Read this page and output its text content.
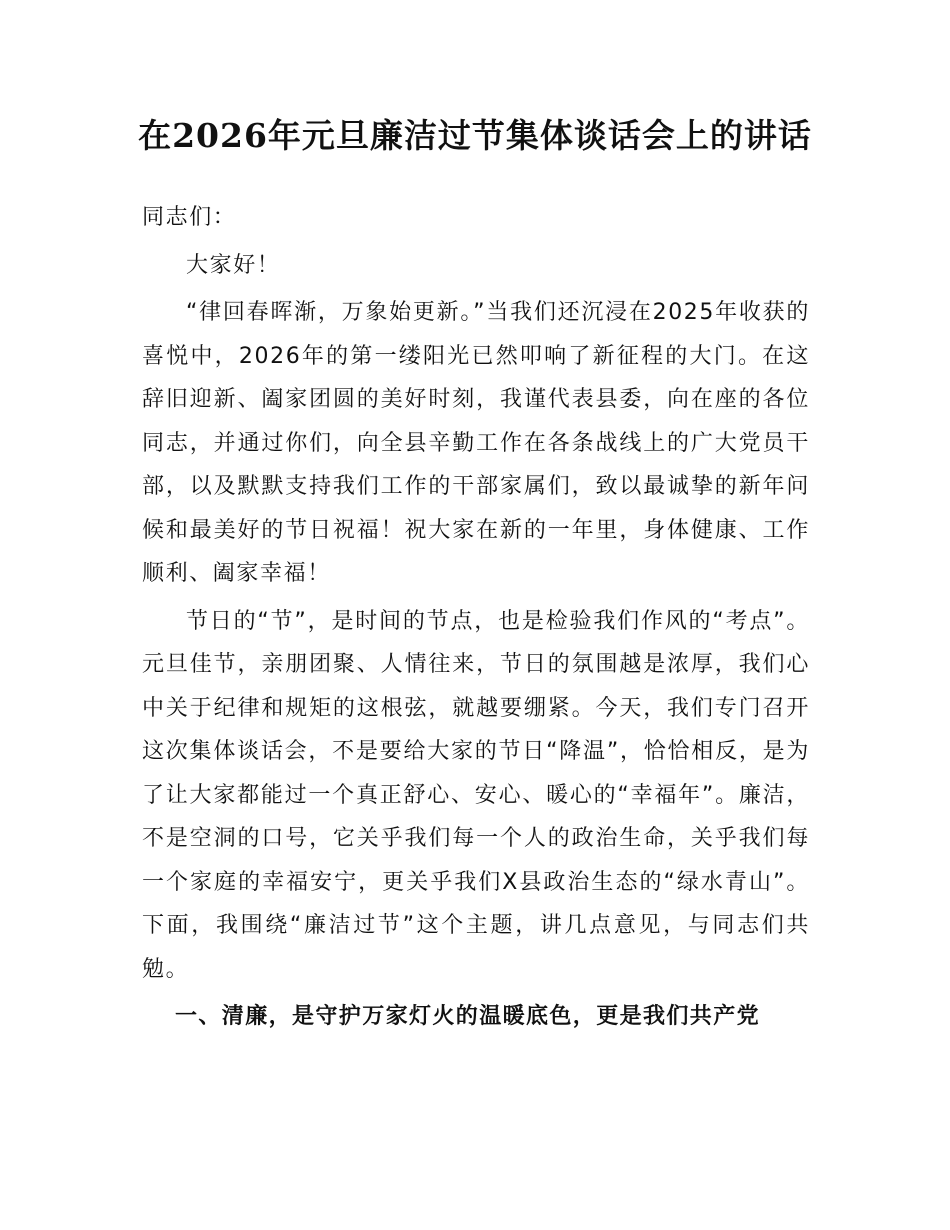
在2026年元旦廉洁过节集体谈话会上的讲话

同志们：

大家好！

“律回春晖渐，万象始更新。”当我们还沉浸在2025年收获的喜悦中，2026年的第一缕阳光已然叩响了新征程的大门。在这辞旧迎新、阖家团圆的美好时刻，我谨代表县委，向在座的各位同志，并通过你们，向全县辛勤工作在各条战线上的广大党员干部，以及默默支持我们工作的干部家属们，致以最诚挚的新年问候和最美好的节日祝福！祝大家在新的一年里，身体健康、工作顺利、阖家幸福！

节日的“节”，是时间的节点，也是检验我们作风的“考点”。元旦佳节，亲朋团聚、人情往来，节日的氛围越是浓厚，我们心中关于纪律和规矩的这根弦，就越要绷紧。今天，我们专门召开这次集体谈话会，不是要给大家的节日“降温”，恰恰相反，是为了让大家都能过一个真正舒心、安心、暖心的“幸福年”。廉洁，不是空洞的口号，它关乎我们每一个人的政治生命，关乎我们每一个家庭的幸福安宁，更关乎我们X县政治生态的“绿水青山”。下面，我围绕“廉洁过节”这个主题，讲几点意见，与同志们共勉。

一、清廉，是守护万家灯火的温暖底色，更是我们共产党
